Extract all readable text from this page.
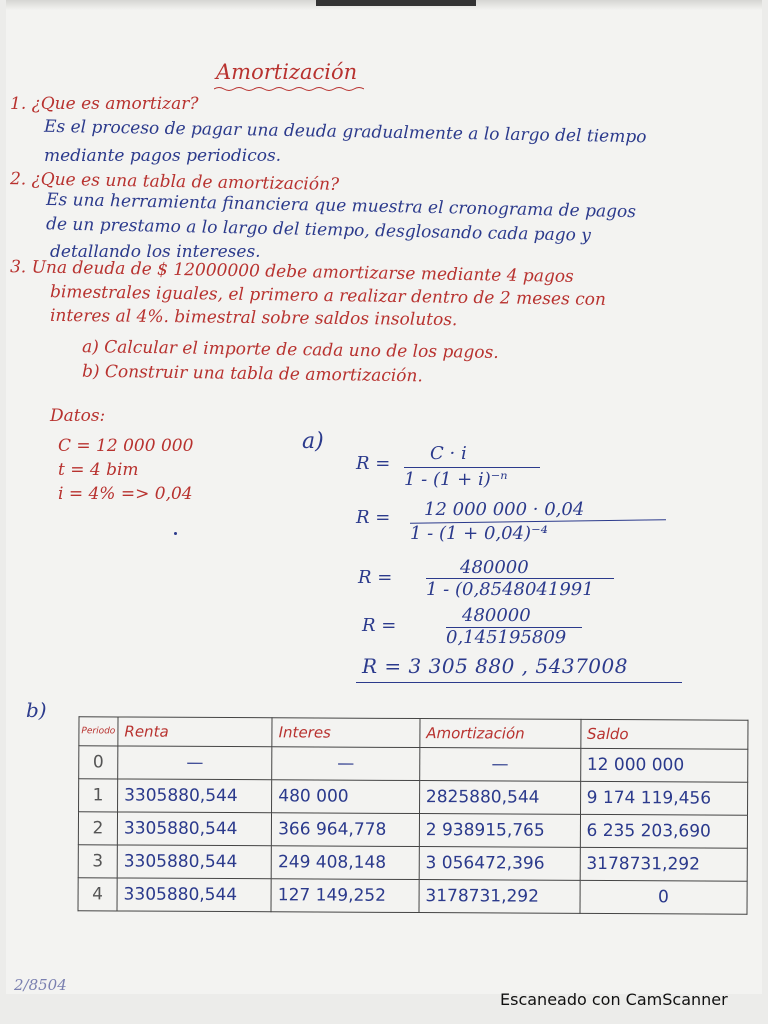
Amortización
1. ¿Que es amortizar?
Es el proceso de pagar una deuda gradualmente a lo largo del tiempo
mediante pagos periodicos.
2. ¿Que es una tabla de amortización?
Es una herramienta financiera que muestra el cronograma de pagos
de un prestamo a lo largo del tiempo, desglosando cada pago y
detallando los intereses.
3. Una deuda de $ 12000000 debe amortizarse mediante 4 pagos
bimestrales iguales, el primero a realizar dentro de 2 meses con
interes al 4%. bimestral sobre saldos insolutos.
a) Calcular el importe de cada uno de los pagos.
b) Construir una tabla de amortización.
Datos:
C = 12 000 000
t = 4 bim
i = 4% => 0,04
a)
R = C · i
1 - (1 + i)⁻ⁿ
R = 12 000 000 · 0,04
1 - (1 + 0,04)⁻⁴
R =	480000
1 - (0,8548041991
R =	480000
0,145195809
R = 3 305 880 , 5437008
b)
Periodo	Renta	Interes	Amortización	Saldo
0	—	—	—	12 000 000
1	3305880,544	480 000	2825880,544	9 174 119,456
2	3305880,544	366 964,778	2 938915,765	6 235 203,690
3	3305880,544	249 408,148	3 056472,396	3178731,292
4	3305880,544	127 149,252	3178731,292	0
2/8504
Escaneado con CamScanner
